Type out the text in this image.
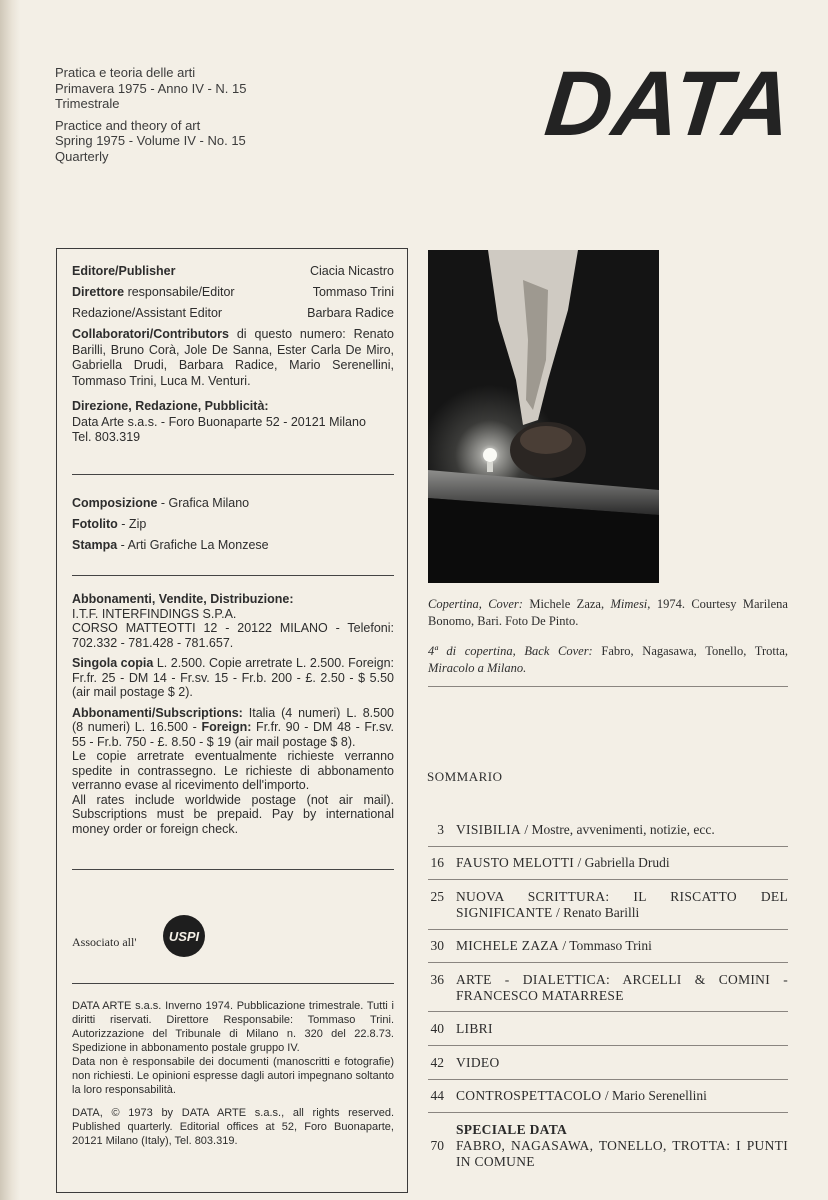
Pratica e teoria delle arti
Primavera 1975 - Anno IV - N. 15
Trimestrale
Practice and theory of art
Spring 1975 - Volume IV - No. 15
Quarterly
DATA
Editore/Publisher	Ciacia Nicastro
Direttore responsabile/Editor	Tommaso Trini
Redazione/Assistant Editor	Barbara Radice
Collaboratori/Contributors di questo numero: Renato Barilli, Bruno Corà, Jole De Sanna, Ester Carla De Miro, Gabriella Drudi, Barbara Radice, Mario Serenellini, Tommaso Trini, Luca M. Venturi.
Direzione, Redazione, Pubblicità:
Data Arte s.a.s. - Foro Buonaparte 52 - 20121 Milano
Tel. 803.319
Composizione - Grafica Milano
Fotolito - Zip
Stampa - Arti Grafiche La Monzese
Abbonamenti, Vendite, Distribuzione:
I.T.F. INTERFINDINGS S.P.A.
CORSO MATTEOTTI 12 - 20122 MILANO - Telefoni: 702.332 - 781.428 - 781.657.
Singola copia L. 2.500. Copie arretrate L. 2.500. Foreign: Fr.fr. 25 - DM 14 - Fr.sv. 15 - Fr.b. 200 - £. 2.50 - $ 5.50 (air mail postage $ 2).
Abbonamenti/Subscriptions: Italia (4 numeri) L. 8.500 (8 numeri) L. 16.500 - Foreign: Fr.fr. 90 - DM 48 - Fr.sv. 55 - Fr.b. 750 - £. 8.50 - $ 19 (air mail postage $ 8).
Le copie arretrate eventualmente richieste verranno spedite in contrassegno. Le richieste di abbonamento verranno evase al ricevimento dell'importo.
All rates include worldwide postage (not air mail). Subscriptions must be prepaid. Pay by international money order or foreign check.
Associato all'
DATA ARTE s.a.s. Inverno 1974. Pubblicazione trimestrale. Tutti i diritti riservati. Direttore Responsabile: Tommaso Trini. Autorizzazione del Tribunale di Milano n. 320 del 22.8.73. Spedizione in abbonamento postale gruppo IV.
Data non è responsabile dei documenti (manoscritti e fotografie) non richiesti. Le opinioni espresse dagli autori impegnano soltanto la loro responsabilità.
DATA, © 1973 by DATA ARTE s.a.s., all rights reserved. Published quarterly. Editorial offices at 52, Foro Buonaparte, 20121 Milano (Italy), Tel. 803.319.
USPI
Copertina, Cover: Michele Zaza, Mimesi, 1974. Courtesy Marilena Bonomo, Bari. Foto De Pinto.
4ª di copertina, Back Cover: Fabro, Nagasawa, Tonello, Trotta, Miracolo a Milano.
SOMMARIO
3 VISIBILIA / Mostre, avvenimenti, notizie, ecc.
16 FAUSTO MELOTTI / Gabriella Drudi
25 NUOVA SCRITTURA: IL RISCATTO DEL SIGNIFICANTE / Renato Barilli
30 MICHELE ZAZA / Tommaso Trini
36 ARTE - DIALETTICA: ARCELLI & COMINI - FRANCESCO MATARRESE
40 LIBRI
42 VIDEO
44 CONTROSPETTACOLO / Mario Serenellini
SPECIALE DATA
70 FABRO, NAGASAWA, TONELLO, TROTTA: I PUNTI IN COMUNE
